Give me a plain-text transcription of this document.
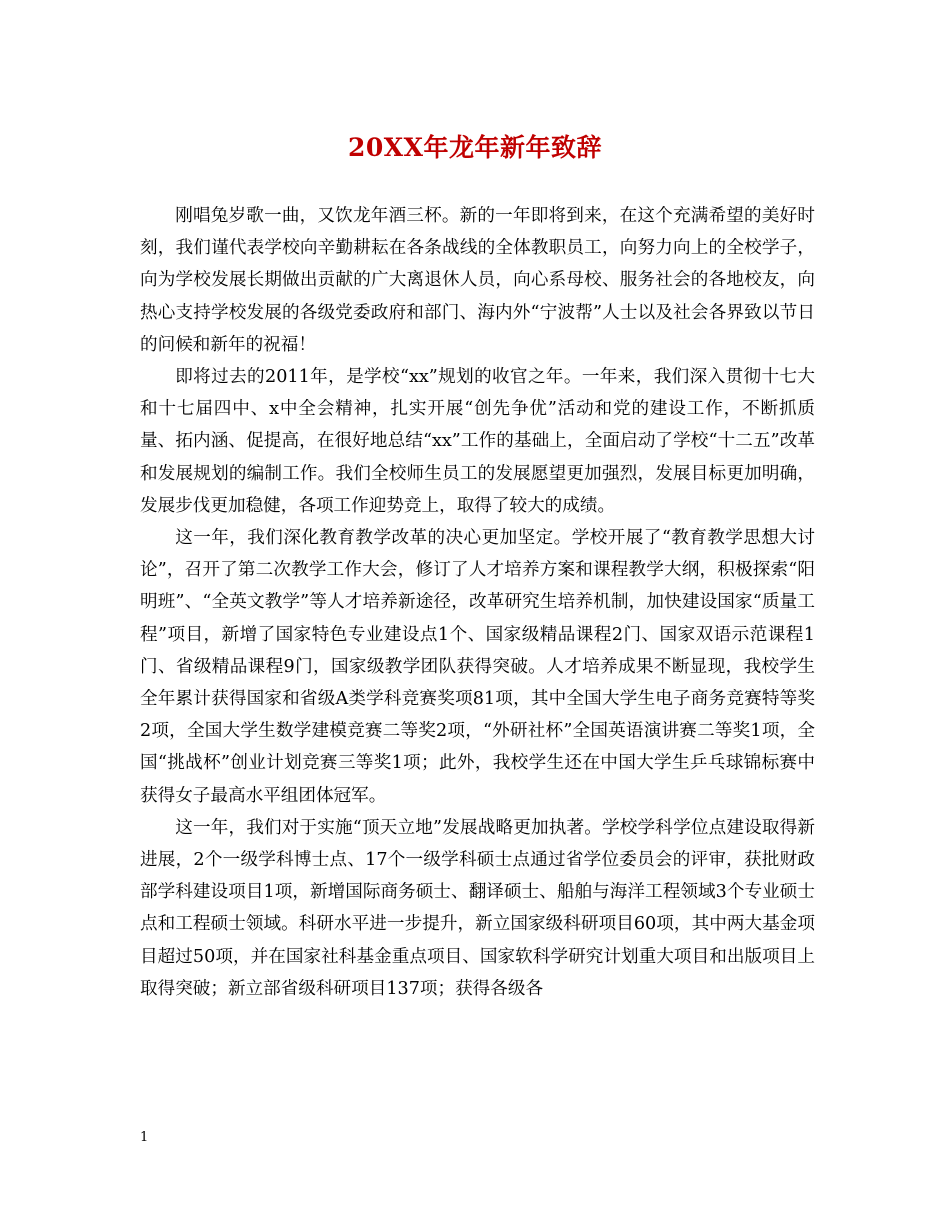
20XX年龙年新年致辞

刚唱兔岁歌一曲，又饮龙年酒三杯。新的一年即将到来，在这个充满希望的美好时刻，我们谨代表学校向辛勤耕耘在各条战线的全体教职员工，向努力向上的全校学子，向为学校发展长期做出贡献的广大离退休人员，向心系母校、服务社会的各地校友，向热心支持学校发展的各级党委政府和部门、海内外“宁波帮”人士以及社会各界致以节日的问候和新年的祝福！

即将过去的2011年，是学校“xx”规划的收官之年。一年来，我们深入贯彻十七大和十七届四中、x中全会精神，扎实开展“创先争优”活动和党的建设工作，不断抓质量、拓内涵、促提高，在很好地总结“xx”工作的基础上，全面启动了学校“十二五”改革和发展规划的编制工作。我们全校师生员工的发展愿望更加强烈，发展目标更加明确，发展步伐更加稳健，各项工作迎势竞上，取得了较大的成绩。

这一年，我们深化教育教学改革的决心更加坚定。学校开展了“教育教学思想大讨论”，召开了第二次教学工作大会，修订了人才培养方案和课程教学大纲，积极探索“阳明班”、“全英文教学”等人才培养新途径，改革研究生培养机制，加快建设国家“质量工程”项目，新增了国家特色专业建设点1个、国家级精品课程2门、国家双语示范课程1门、省级精品课程9门，国家级教学团队获得突破。人才培养成果不断显现，我校学生全年累计获得国家和省级A类学科竞赛奖项81项，其中全国大学生电子商务竞赛特等奖2项，全国大学生数学建模竞赛二等奖2项，“外研社杯”全国英语演讲赛二等奖1项，全国“挑战杯”创业计划竞赛三等奖1项；此外，我校学生还在中国大学生乒乓球锦标赛中获得女子最高水平组团体冠军。

这一年，我们对于实施“顶天立地”发展战略更加执著。学校学科学位点建设取得新进展，2个一级学科博士点、17个一级学科硕士点通过省学位委员会的评审，获批财政部学科建设项目1项，新增国际商务硕士、翻译硕士、船舶与海洋工程领域3个专业硕士点和工程硕士领域。科研水平进一步提升，新立国家级科研项目60项，其中两大基金项目超过50项，并在国家社科基金重点项目、国家软科学研究计划重大项目和出版项目上取得突破；新立部省级科研项目137项；获得各级各

1
